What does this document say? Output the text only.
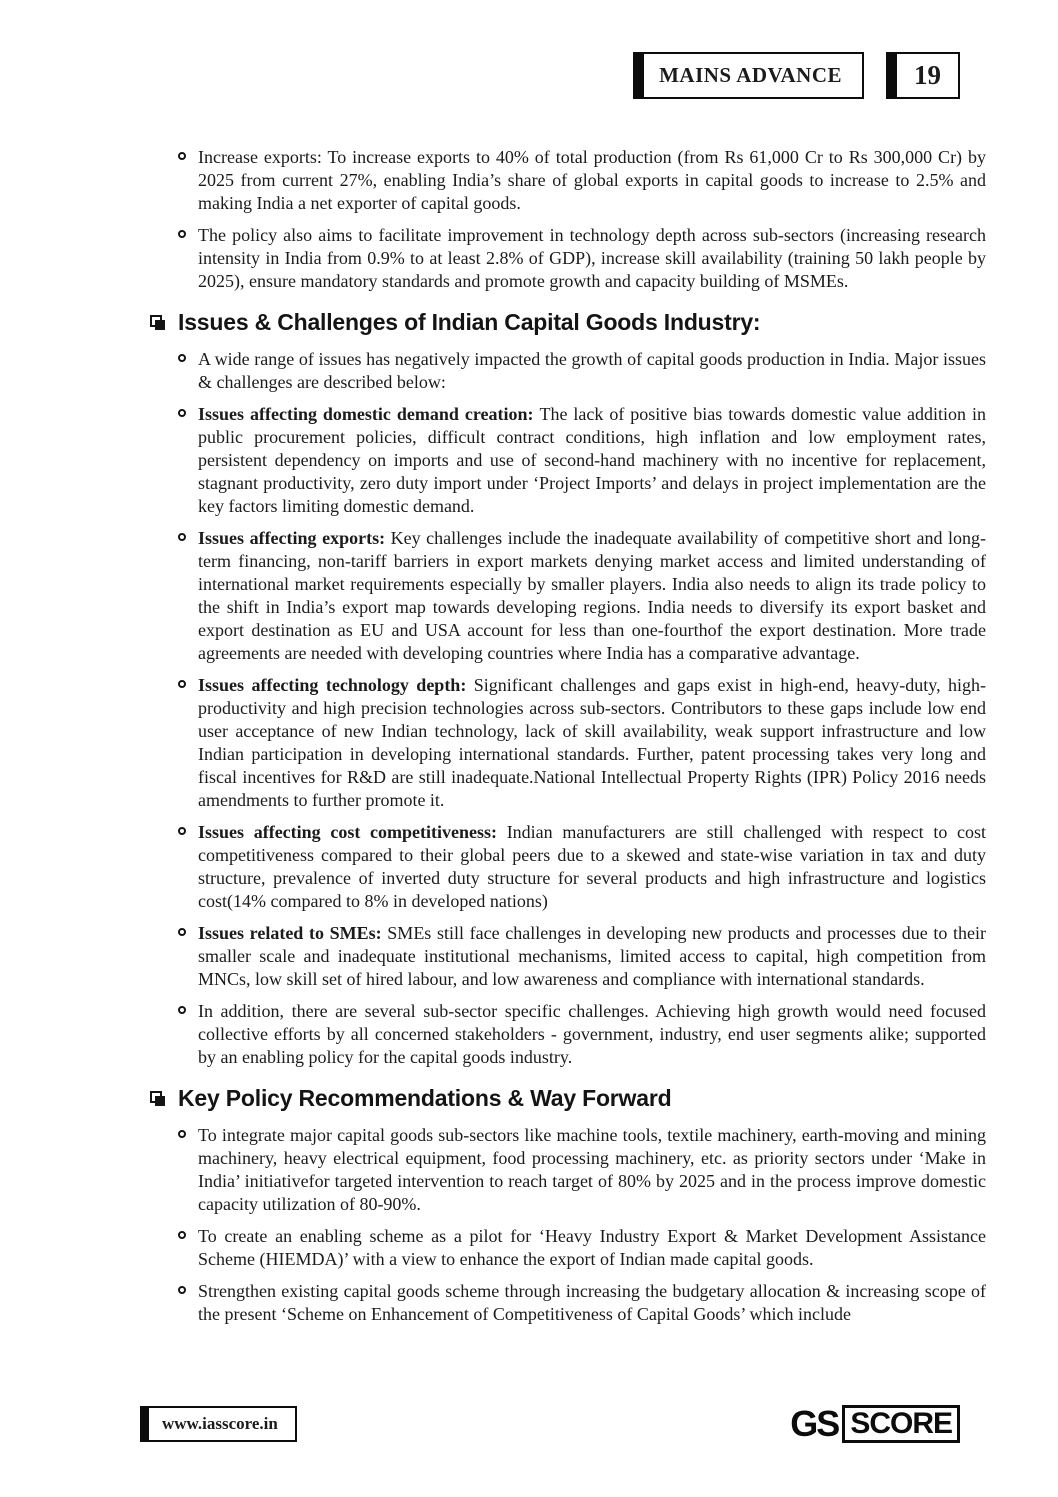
MAINS ADVANCE	19

Increase exports: To increase exports to 40% of total production (from Rs 61,000 Cr to Rs 300,000 Cr) by 2025 from current 27%, enabling India’s share of global exports in capital goods to increase to 2.5% and making India a net exporter of capital goods.

The policy also aims to facilitate improvement in technology depth across sub-sectors (increasing research intensity in India from 0.9% to at least 2.8% of GDP), increase skill availability (training 50 lakh people by 2025), ensure mandatory standards and promote growth and capacity building of MSMEs.

Issues & Challenges of Indian Capital Goods Industry:

A wide range of issues has negatively impacted the growth of capital goods production in India. Major issues & challenges are described below:

Issues affecting domestic demand creation: The lack of positive bias towards domestic value addition in public procurement policies, difficult contract conditions, high inflation and low employment rates, persistent dependency on imports and use of second-hand machinery with no incentive for replacement, stagnant productivity, zero duty import under ‘Project Imports’ and delays in project implementation are the key factors limiting domestic demand.

Issues affecting exports: Key challenges include the inadequate availability of competitive short and long-term financing, non-tariff barriers in export markets denying market access and limited understanding of international market requirements especially by smaller players. India also needs to align its trade policy to the shift in India’s export map towards developing regions. India needs to diversify its export basket and export destination as EU and USA account for less than one-fourthof the export destination. More trade agreements are needed with developing countries where India has a comparative advantage.

Issues affecting technology depth: Significant challenges and gaps exist in high-end, heavy-duty, high-productivity and high precision technologies across sub-sectors. Contributors to these gaps include low end user acceptance of new Indian technology, lack of skill availability, weak support infrastructure and low Indian participation in developing international standards. Further, patent processing takes very long and fiscal incentives for R&D are still inadequate.National Intellectual Property Rights (IPR) Policy 2016 needs amendments to further promote it.

Issues affecting cost competitiveness: Indian manufacturers are still challenged with respect to cost competitiveness compared to their global peers due to a skewed and state-wise variation in tax and duty structure, prevalence of inverted duty structure for several products and high infrastructure and logistics cost(14% compared to 8% in developed nations)

Issues related to SMEs: SMEs still face challenges in developing new products and processes due to their smaller scale and inadequate institutional mechanisms, limited access to capital, high competition from MNCs, low skill set of hired labour, and low awareness and compliance with international standards.

In addition, there are several sub-sector specific challenges. Achieving high growth would need focused collective efforts by all concerned stakeholders - government, industry, end user segments alike; supported by an enabling policy for the capital goods industry.

Key Policy Recommendations & Way Forward

To integrate major capital goods sub-sectors like machine tools, textile machinery, earth-moving and mining machinery, heavy electrical equipment, food processing machinery, etc. as priority sectors under ‘Make in India’ initiativefor targeted intervention to reach target of 80% by 2025 and in the process improve domestic capacity utilization of 80-90%.

To create an enabling scheme as a pilot for ‘Heavy Industry Export & Market Development Assistance Scheme (HIEMDA)’ with a view to enhance the export of Indian made capital goods.

Strengthen existing capital goods scheme through increasing the budgetary allocation & increasing scope of the present ‘Scheme on Enhancement of Competitiveness of Capital Goods’ which include

www.iasscore.in	GS SCORE
